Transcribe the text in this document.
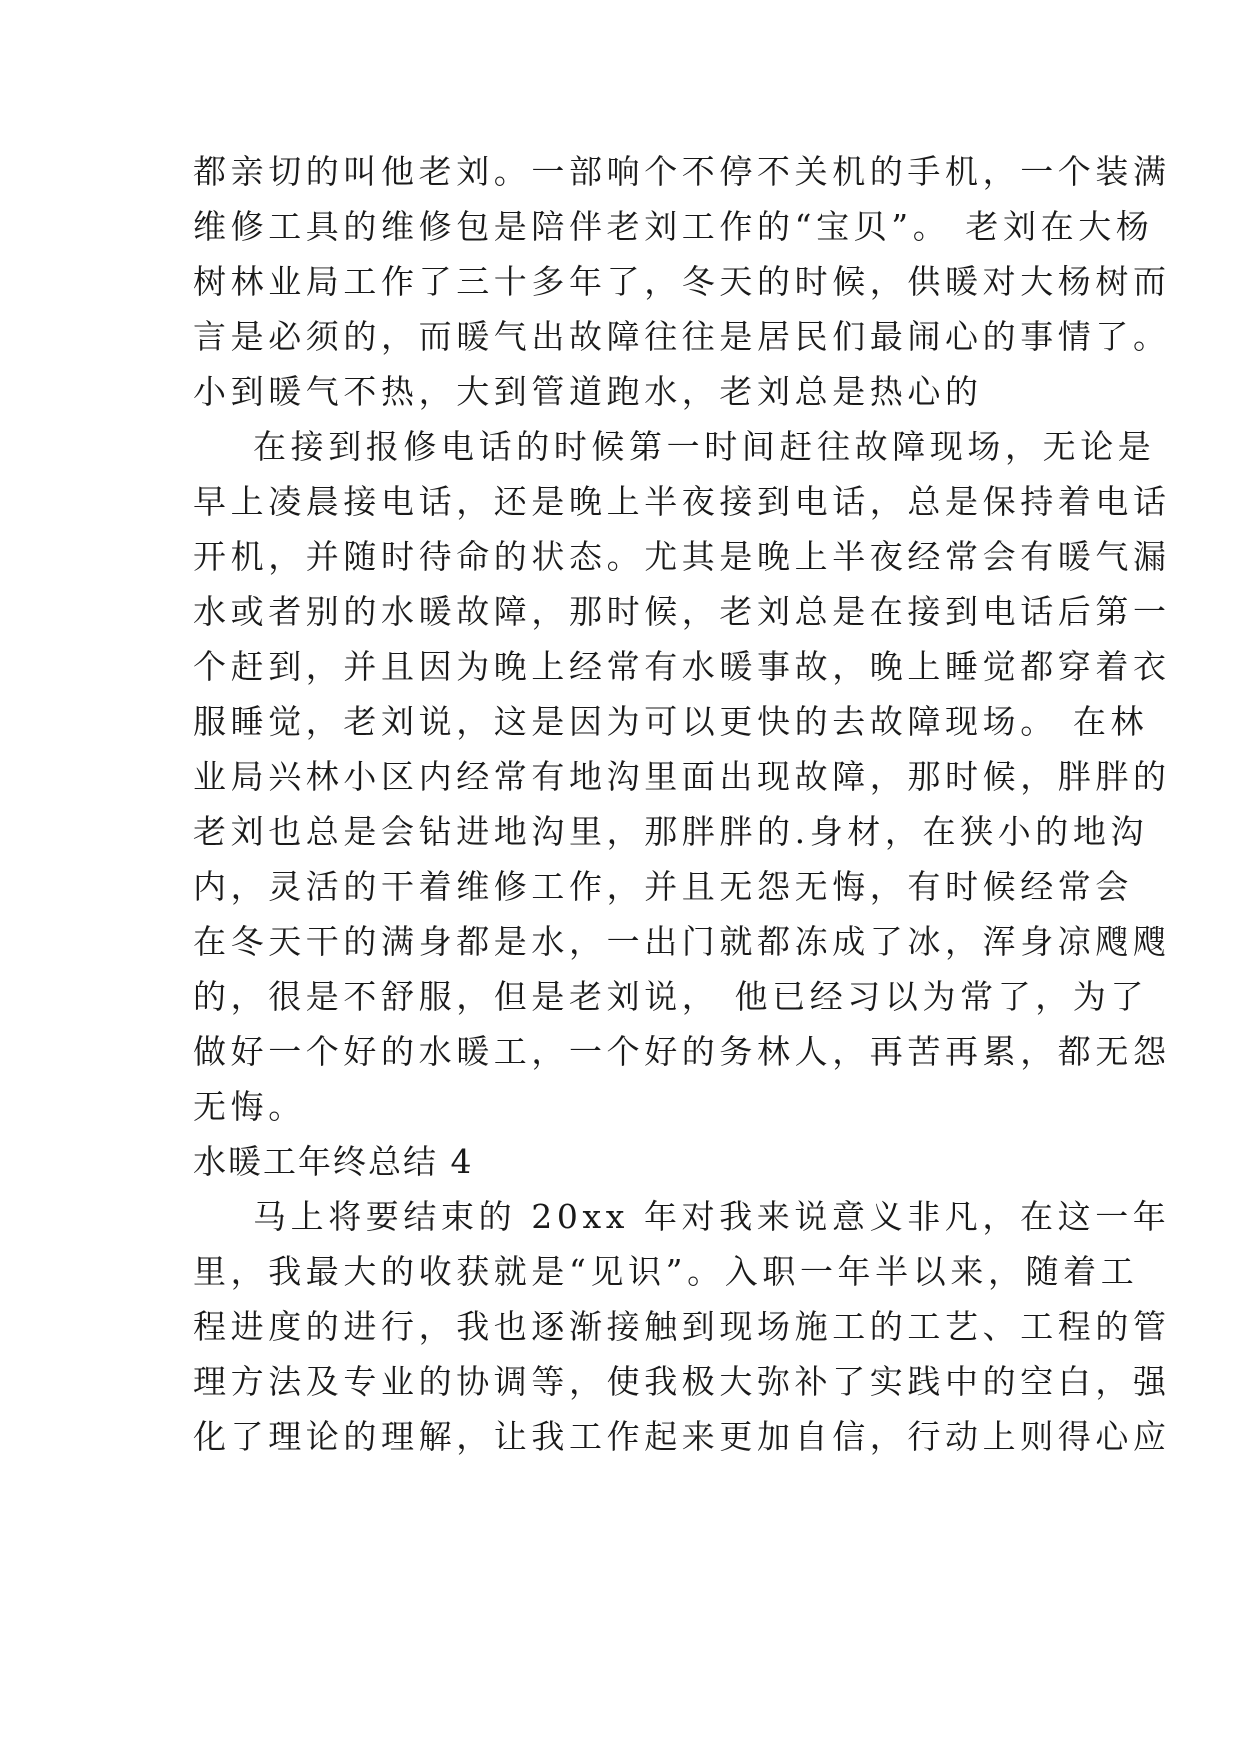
都亲切的叫他老刘。一部响个不停不关机的手机，一个装满
维修工具的维修包是陪伴老刘工作的“宝贝”。 老刘在大杨
树林业局工作了三十多年了，冬天的时候，供暖对大杨树而
言是必须的，而暖气出故障往往是居民们最闹心的事情了。
小到暖气不热，大到管道跑水，老刘总是热心的
在接到报修电话的时候第一时间赶往故障现场，无论是
早上凌晨接电话，还是晚上半夜接到电话，总是保持着电话
开机，并随时待命的状态。尤其是晚上半夜经常会有暖气漏
水或者别的水暖故障，那时候，老刘总是在接到电话后第一
个赶到，并且因为晚上经常有水暖事故，晚上睡觉都穿着衣
服睡觉，老刘说，这是因为可以更快的去故障现场。 在林
业局兴林小区内经常有地沟里面出现故障，那时候，胖胖的
老刘也总是会钻进地沟里，那胖胖的.身材，在狭小的地沟
内，灵活的干着维修工作，并且无怨无悔，有时候经常会
在冬天干的满身都是水，一出门就都冻成了冰，浑身凉飕飕
的，很是不舒服，但是老刘说， 他已经习以为常了，为了
做好一个好的水暖工，一个好的务林人，再苦再累，都无怨
无悔。
水暖工年终总结 4
马上将要结束的 20xx 年对我来说意义非凡，在这一年
里，我最大的收获就是“见识”。入职一年半以来，随着工
程进度的进行，我也逐渐接触到现场施工的工艺、工程的管
理方法及专业的协调等，使我极大弥补了实践中的空白，强
化了理论的理解，让我工作起来更加自信，行动上则得心应
